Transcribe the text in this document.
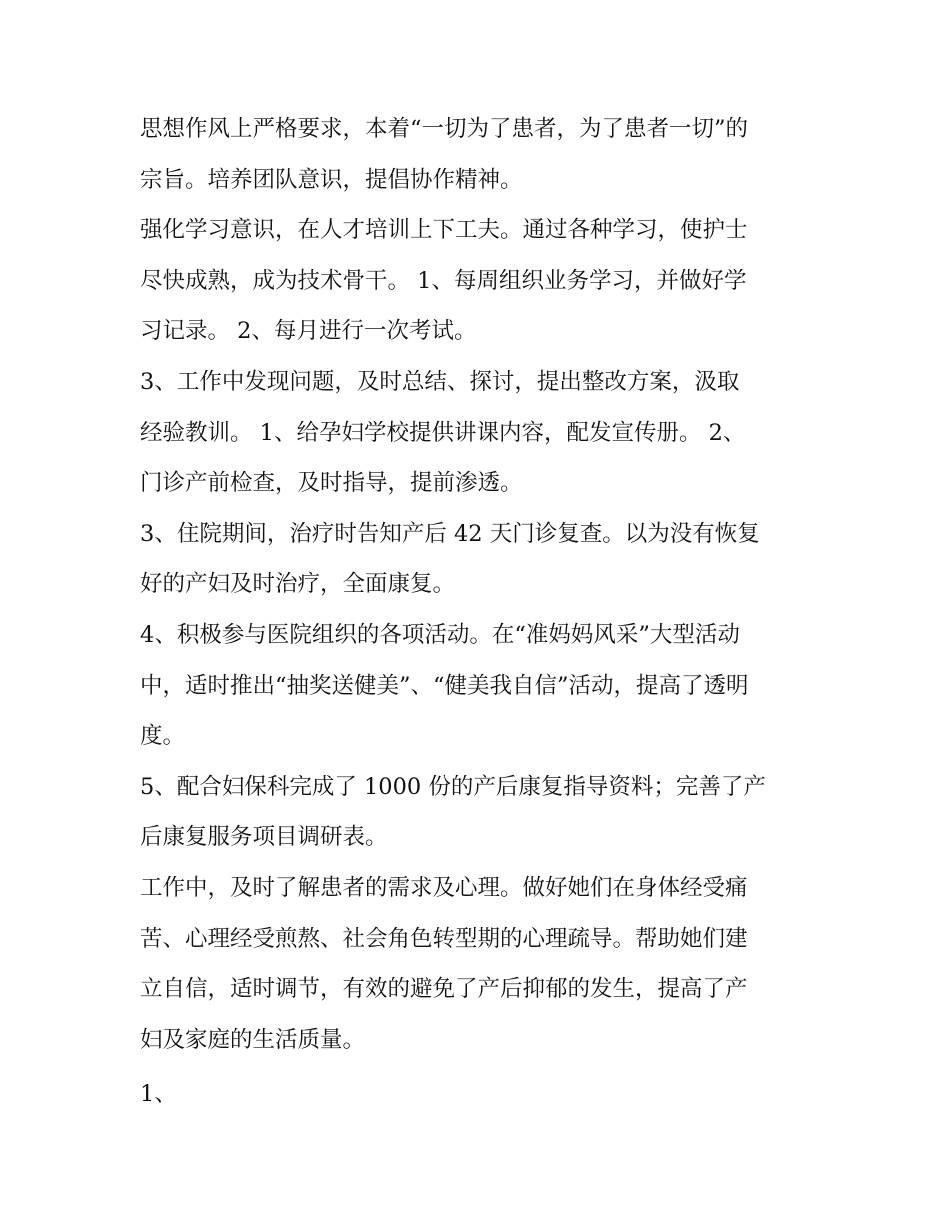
思想作风上严格要求，本着“一切为了患者，为了患者一切”的
宗旨。培养团队意识，提倡协作精神。
强化学习意识，在人才培训上下工夫。通过各种学习，使护士
尽快成熟，成为技术骨干。 1、每周组织业务学习，并做好学
习记录。 2、每月进行一次考试。
3、工作中发现问题，及时总结、探讨，提出整改方案，汲取
经验教训。 1、给孕妇学校提供讲课内容，配发宣传册。 2、
门诊产前检查，及时指导，提前渗透。
3、住院期间，治疗时告知产后 42 天门诊复查。以为没有恢复
好的产妇及时治疗，全面康复。
4、积极参与医院组织的各项活动。在“准妈妈风采”大型活动
中，适时推出“抽奖送健美”、“健美我自信”活动，提高了透明
度。
5、配合妇保科完成了 1000 份的产后康复指导资料；完善了产
后康复服务项目调研表。
工作中，及时了解患者的需求及心理。做好她们在身体经受痛
苦、心理经受煎熬、社会角色转型期的心理疏导。帮助她们建
立自信，适时调节，有效的避免了产后抑郁的发生，提高了产
妇及家庭的生活质量。
1、
